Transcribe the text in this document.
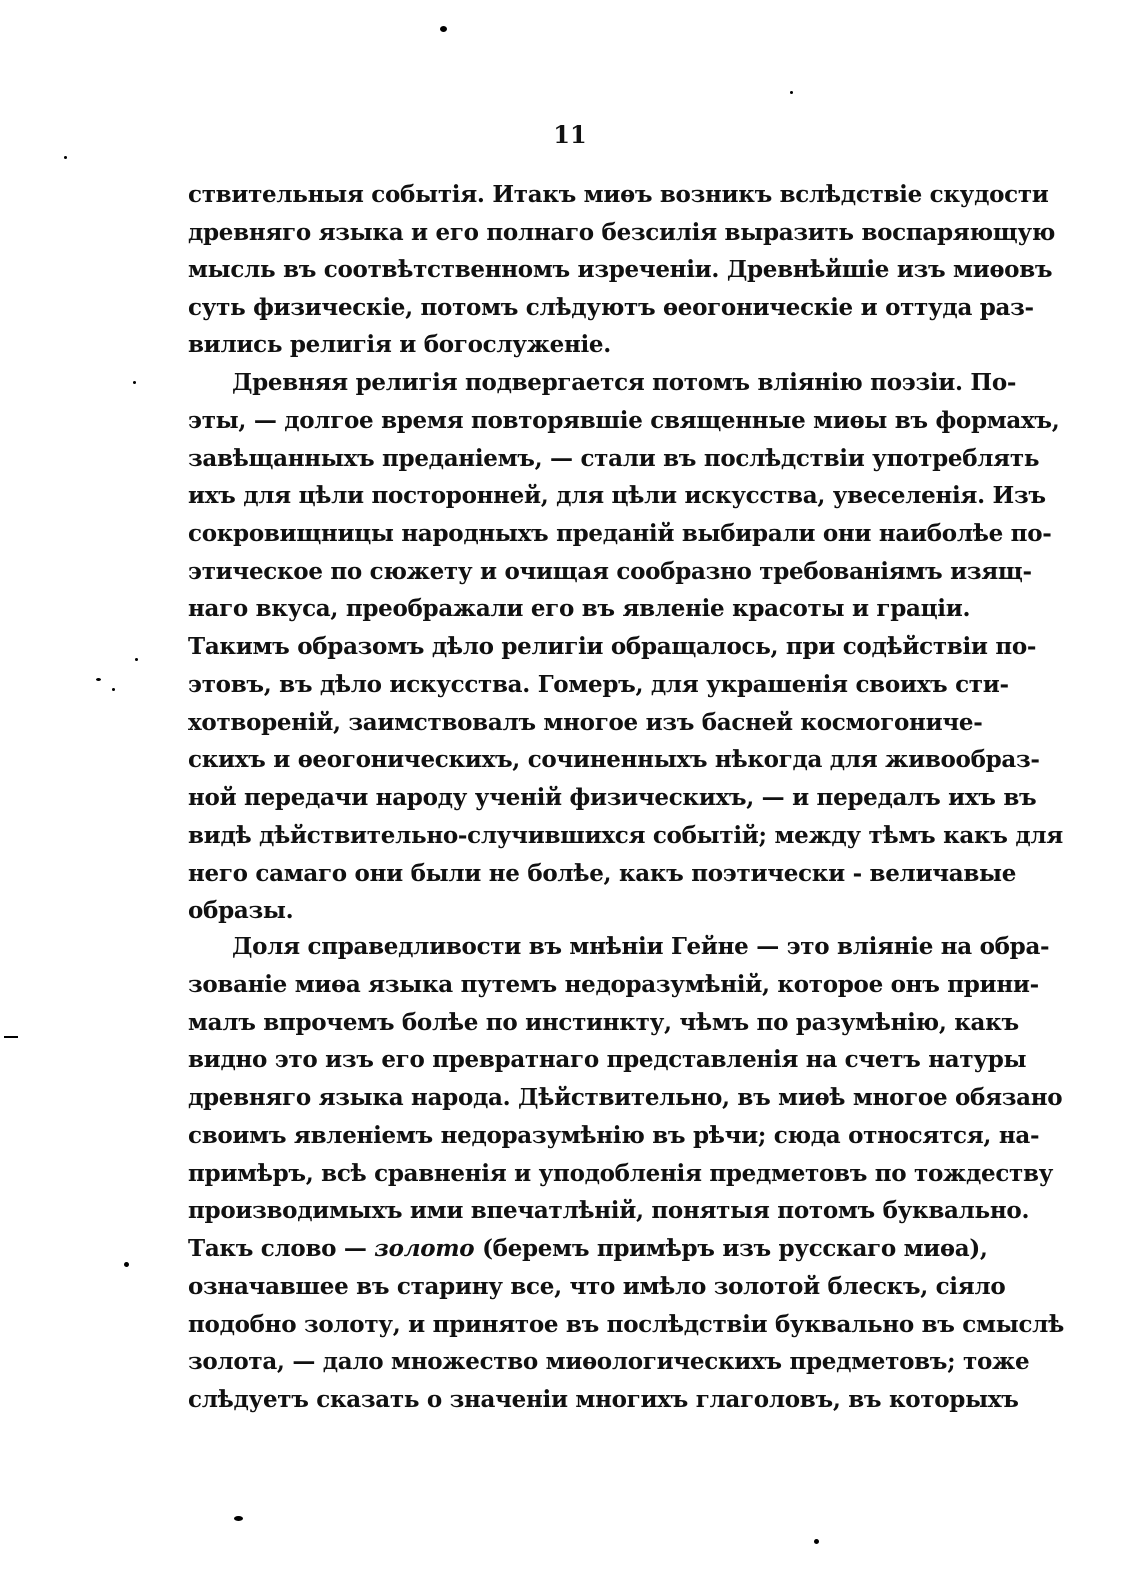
11
ствительныя событія. Итакъ миѳъ возникъ вслѣдствіе скудости
древняго языка и его полнаго безсилія выразить воспаряющую
мысль въ соотвѣтственномъ изреченіи. Древнѣйшіе изъ миѳовъ
суть физическіе, потомъ слѣдуютъ ѳеогоническіе и оттуда раз-
вились религія и богослуженіе.
Древняя религія подвергается потомъ вліянію поэзіи. По-
эты, — долгое время повторявшіе священные миѳы въ формахъ,
завѣщанныхъ преданіемъ, — стали въ послѣдствіи употреблять
ихъ для цѣли посторонней, для цѣли искусства, увеселенія. Изъ
сокровищницы народныхъ преданій выбирали они наиболѣе по-
этическое по сюжету и очищая сообразно требованіямъ изящ-
наго вкуса, преображали его въ явленіе красоты и граціи.
Такимъ образомъ дѣло религіи обращалось, при содѣйствіи по-
этовъ, въ дѣло искусства. Гомеръ, для украшенія своихъ сти-
хотвореній, заимствовалъ многое изъ басней космогониче-
скихъ и ѳеогоническихъ, сочиненныхъ нѣкогда для живообраз-
ной передачи народу ученій физическихъ, — и передалъ ихъ въ
видѣ дѣйствительно-случившихся событій; между тѣмъ какъ для
него самаго они были не болѣе, какъ поэтически - величавые
образы.
Доля справедливости въ мнѣніи Гейне — это вліяніе на обра-
зованіе миѳа языка путемъ недоразумѣній, которое онъ прини-
малъ впрочемъ болѣе по инстинкту, чѣмъ по разумѣнію, какъ
видно это изъ его превратнаго представленія на счетъ натуры
древняго языка народа. Дѣйствительно, въ миѳѣ многое обязано
своимъ явленіемъ недоразумѣнію въ рѣчи; сюда относятся, на-
примѣръ, всѣ сравненія и уподобленія предметовъ по тождеству
производимыхъ ими впечатлѣній, понятыя потомъ буквально.
Такъ слово — золото (беремъ примѣръ изъ русскаго миѳа),
означавшее въ старину все, что имѣло золотой блескъ, сіяло
подобно золоту, и принятое въ послѣдствіи буквально въ смыслѣ
золота, — дало множество миѳологическихъ предметовъ; тоже
слѣдуетъ сказать о значеніи многихъ глаголовъ, въ которыхъ
